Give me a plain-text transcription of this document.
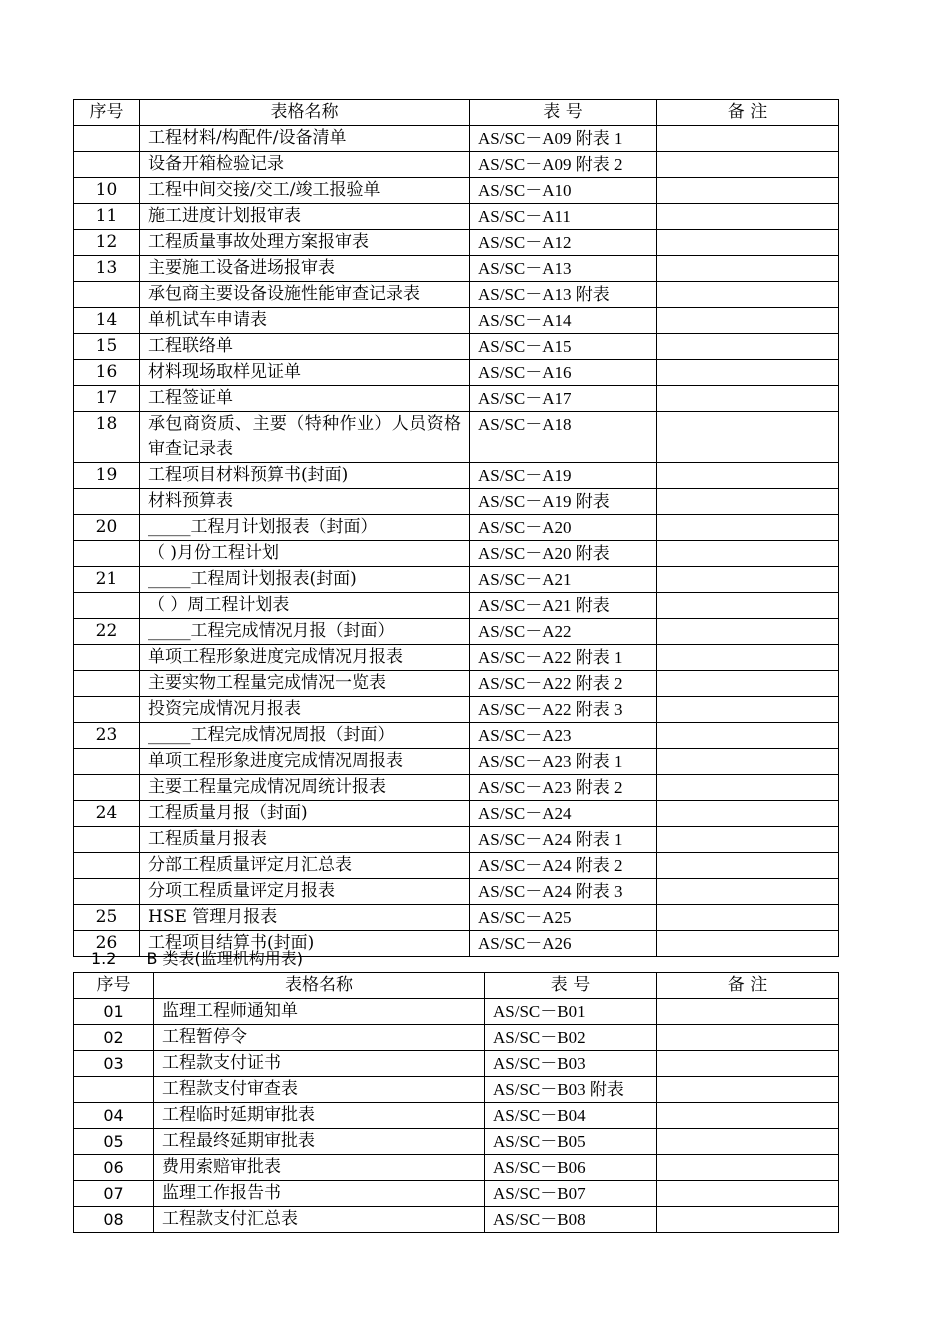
序号	表格名称	表 号	备 注
	工程材料/构配件/设备清单	AS/SC－A09 附表 1	
	设备开箱检验记录	AS/SC－A09 附表 2	
10	工程中间交接/交工/竣工报验单	AS/SC－A10	
11	施工进度计划报审表	AS/SC－A11	
12	工程质量事故处理方案报审表	AS/SC－A12	
13	主要施工设备进场报审表	AS/SC－A13	
	承包商主要设备设施性能审查记录表	AS/SC－A13 附表	
14	单机试车申请表	AS/SC－A14	
15	工程联络单	AS/SC－A15	
16	材料现场取样见证单	AS/SC－A16	
17	工程签证单	AS/SC－A17	
18	承包商资质、主要（特种作业）人员资格审查记录表	AS/SC－A18	
19	工程项目材料预算书(封面)	AS/SC－A19	
	材料预算表	AS/SC－A19 附表	
20	_____工程月计划报表（封面）	AS/SC－A20	
	（ )月份工程计划	AS/SC－A20 附表	
21	_____工程周计划报表(封面)	AS/SC－A21	
	（ ）周工程计划表	AS/SC－A21 附表	
22	_____工程完成情况月报（封面）	AS/SC－A22	
	单项工程形象进度完成情况月报表	AS/SC－A22 附表 1	
	主要实物工程量完成情况一览表	AS/SC－A22 附表 2	
	投资完成情况月报表	AS/SC－A22 附表 3	
23	_____工程完成情况周报（封面）	AS/SC－A23	
	单项工程形象进度完成情况周报表	AS/SC－A23 附表 1	
	主要工程量完成情况周统计报表	AS/SC－A23 附表 2	
24	工程质量月报（封面)	AS/SC－A24	
	工程质量月报表	AS/SC－A24 附表 1	
	分部工程质量评定月汇总表	AS/SC－A24 附表 2	
	分项工程质量评定月报表	AS/SC－A24 附表 3	
25	HSE 管理月报表	AS/SC－A25	
26	工程项目结算书(封面)	AS/SC－A26	
1.2 B 类表(监理机构用表)
序号	表格名称	表 号	备 注
01	监理工程师通知单	AS/SC－B01	
02	工程暂停令	AS/SC－B02	
03	工程款支付证书	AS/SC－B03	
	工程款支付审查表	AS/SC－B03 附表	
04	工程临时延期审批表	AS/SC－B04	
05	工程最终延期审批表	AS/SC－B05	
06	费用索赔审批表	AS/SC－B06	
07	监理工作报告书	AS/SC－B07	
08	工程款支付汇总表	AS/SC－B08	
